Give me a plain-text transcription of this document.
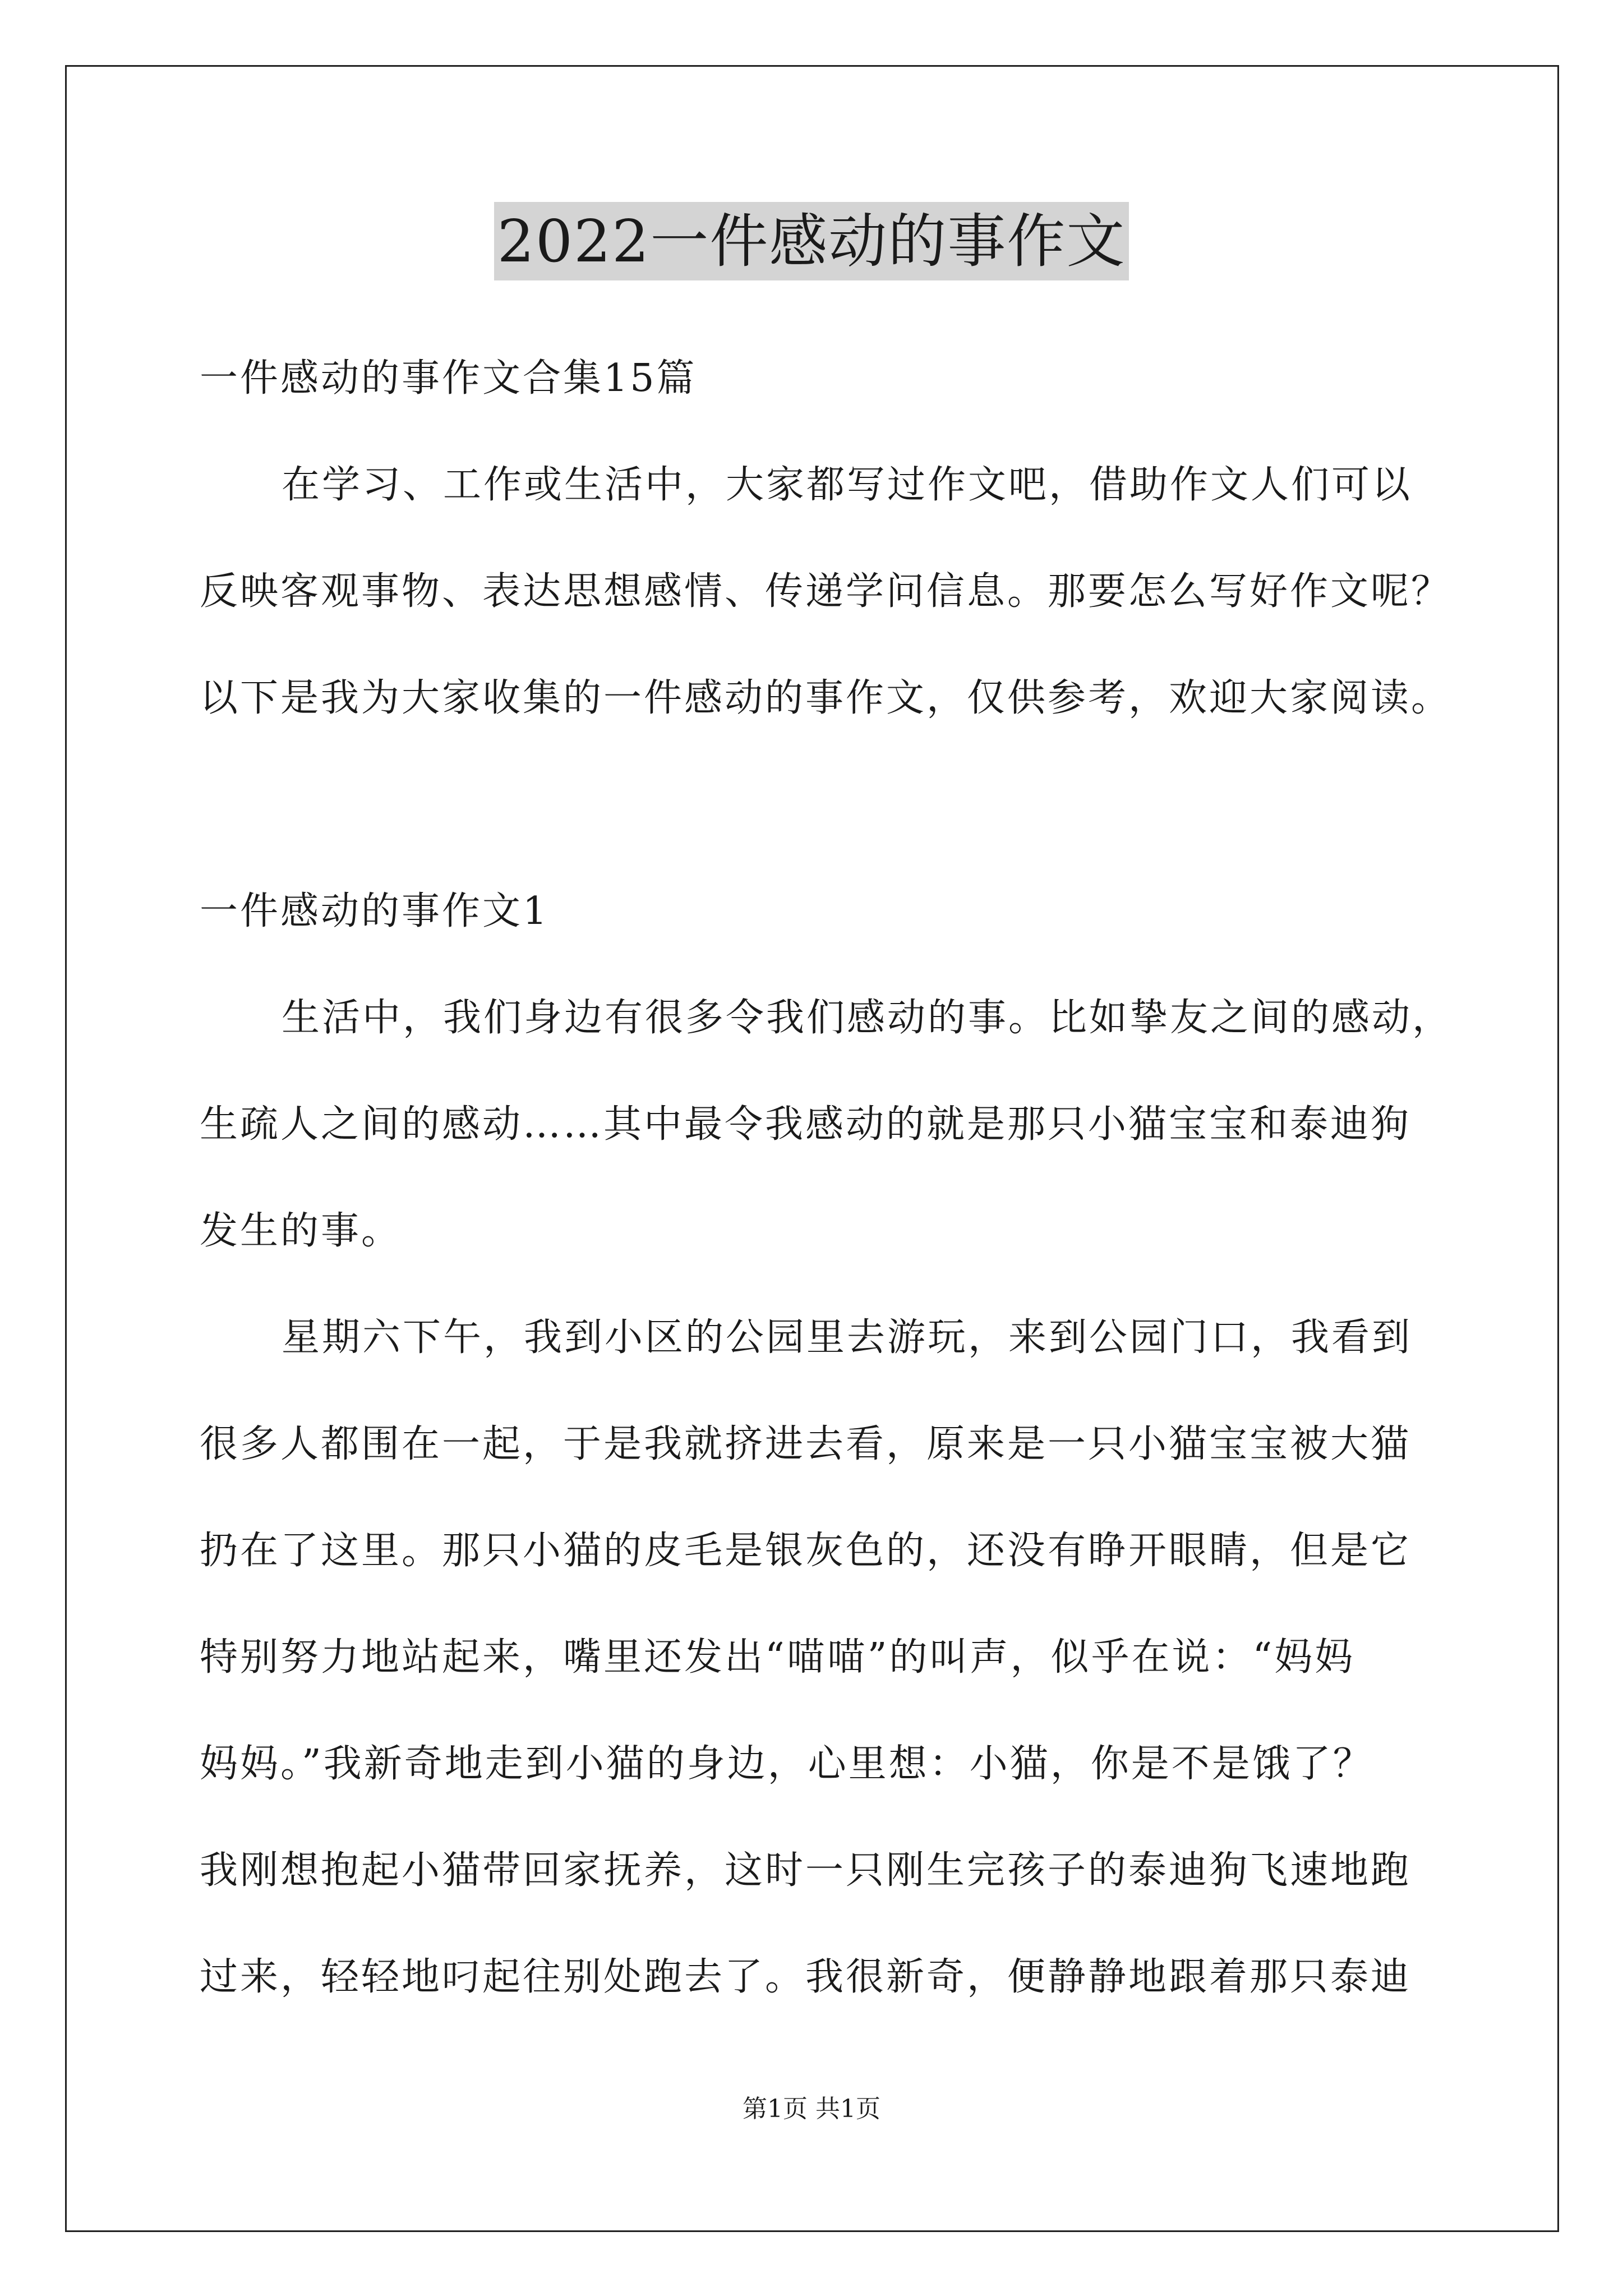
2022一件感动的事作文
一件感动的事作文合集15篇
在学习、工作或生活中，大家都写过作文吧，借助作文人们可以
反映客观事物、表达思想感情、传递学问信息。那要怎么写好作文呢？
以下是我为大家收集的一件感动的事作文，仅供参考，欢迎大家阅读。
一件感动的事作文1
生活中，我们身边有很多令我们感动的事。比如挚友之间的感动，
生疏人之间的感动……其中最令我感动的就是那只小猫宝宝和泰迪狗
发生的事。
星期六下午，我到小区的公园里去游玩，来到公园门口，我看到
很多人都围在一起，于是我就挤进去看，原来是一只小猫宝宝被大猫
扔在了这里。那只小猫的皮毛是银灰色的，还没有睁开眼睛，但是它
特别努力地站起来，嘴里还发出“喵喵”的叫声，似乎在说：“妈妈
妈妈。”我新奇地走到小猫的身边，心里想：小猫，你是不是饿了？
我刚想抱起小猫带回家抚养，这时一只刚生完孩子的泰迪狗飞速地跑
过来，轻轻地叼起往别处跑去了。我很新奇，便静静地跟着那只泰迪
第1页 共1页
